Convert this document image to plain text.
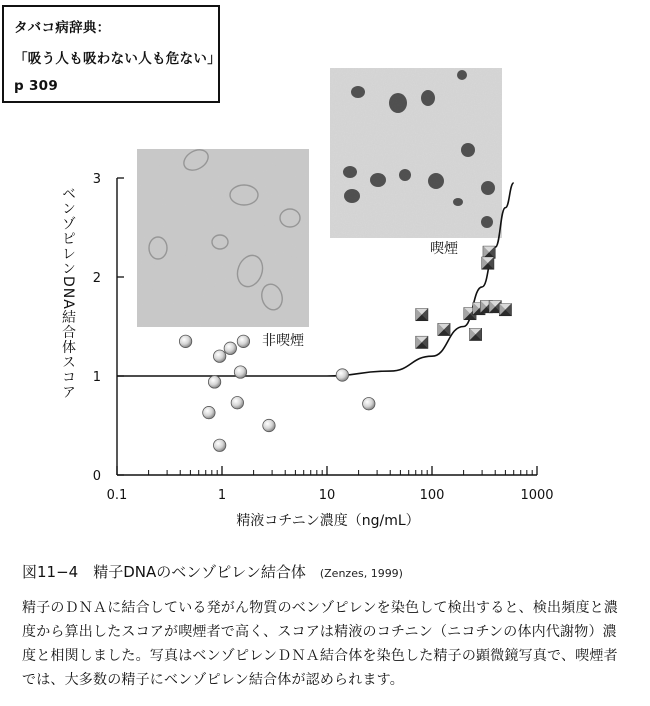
0.1	1	10	100	1000
0
1
2
3
非喫煙
喫煙
精液コチニン濃度（ng/mL）
ベンゾピレンDNA結合体スコア
タバコ病辞典：
「吸う人も吸わない人も危ない」
p 309
図11−4　精子DNAのベンゾピレン結合体 (Zenzes, 1999)
精子のＤＮＡに結合している発がん物質のベンゾピレンを染色して検出すると、検出頻度と濃度から算出したスコアが喫煙者で高く、スコアは精液のコチニン（ニコチンの体内代謝物）濃度と相関しました。写真はベンゾピレンＤＮＡ結合体を染色した精子の顕微鏡写真で、喫煙者では、大多数の精子にベンゾピレン結合体が認められます。
